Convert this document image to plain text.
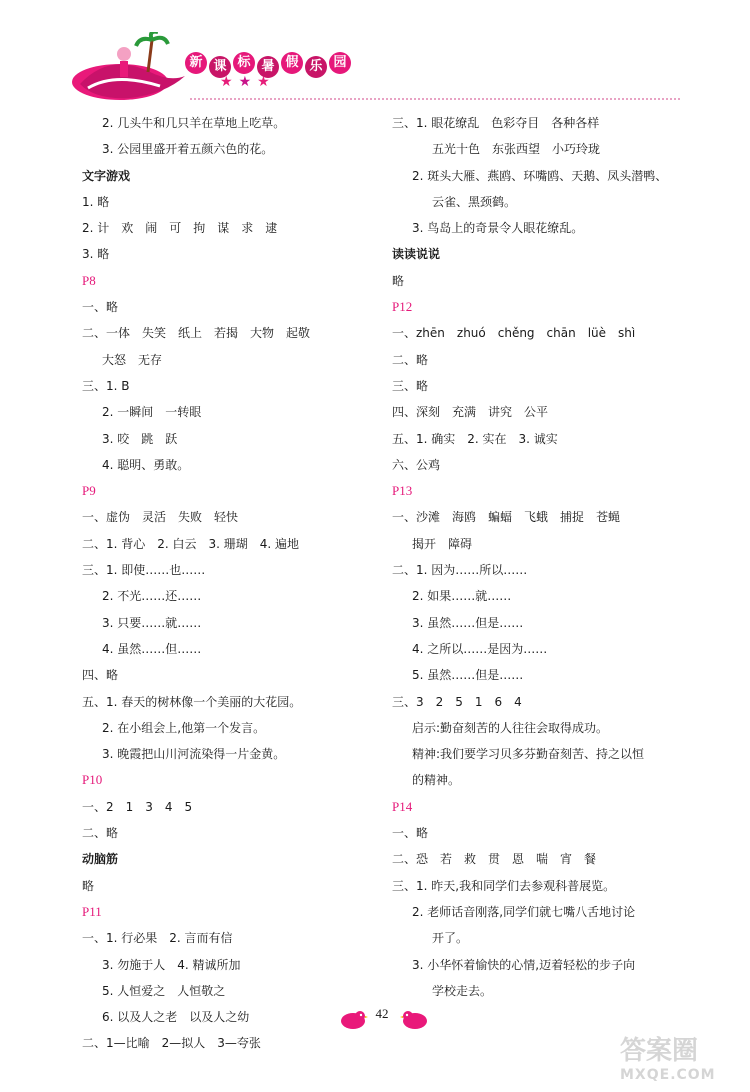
新 课 标 暑 假 乐 园
★★★
2. 几头牛和几只羊在草地上吃草。
3. 公园里盛开着五颜六色的花。
文字游戏
1. 略
2. 计　欢　闹　可　拘　谋　求　逮
3. 略
P8
一、略
二、一体　失笑　纸上　若揭　大物　起敬
大怒　无存
三、1. B
2. 一瞬间　一转眼
3. 咬　跳　跃
4. 聪明、勇敢。
P9
一、虚伪　灵活　失败　轻快
二、1. 背心　2. 白云　3. 珊瑚　4. 遍地
三、1. 即使……也……
2. 不光……还……
3. 只要……就……
4. 虽然……但……
四、略
五、1. 春天的树林像一个美丽的大花园。
2. 在小组会上,他第一个发言。
3. 晚霞把山川河流染得一片金黄。
P10
一、2　1　3　4　5
二、略
动脑筋
略
P11
一、1. 行必果　2. 言而有信
3. 勿施于人　4. 精诚所加
5. 人恒爱之　人恒敬之
6. 以及人之老　以及人之幼
二、1—比喻　2—拟人　3—夸张
三、1. 眼花缭乱　色彩夺目　各种各样
五光十色　东张西望　小巧玲珑
2. 斑头大雁、燕鸥、环嘴鸥、天鹅、凤头潜鸭、
云雀、黑颈鹤。
3. 鸟岛上的奇景令人眼花缭乱。
读读说说
略
P12
一、zhēn　zhuó　chěng　chān　lüè　shì
二、略
三、略
四、深刻　充满　讲究　公平
五、1. 确实　2. 实在　3. 诚实
六、公鸡
P13
一、沙滩　海鸥　蝙蝠　飞蛾　捕捉　苍蝇
揭开　障碍
二、1. 因为……所以……
2. 如果……就……
3. 虽然……但是……
4. 之所以……是因为……
5. 虽然……但是……
三、3　2　5　1　6　4
启示:勤奋刻苦的人往往会取得成功。
精神:我们要学习贝多芬勤奋刻苦、持之以恒
的精神。
P14
一、略
二、恐　若　救　贯　恩　喘　宵　餐
三、1. 昨天,我和同学们去参观科普展览。
2. 老师话音刚落,同学们就七嘴八舌地讨论
开了。
3. 小华怀着愉快的心情,迈着轻松的步子向
学校走去。
42
答案圈
MXQE.COM
